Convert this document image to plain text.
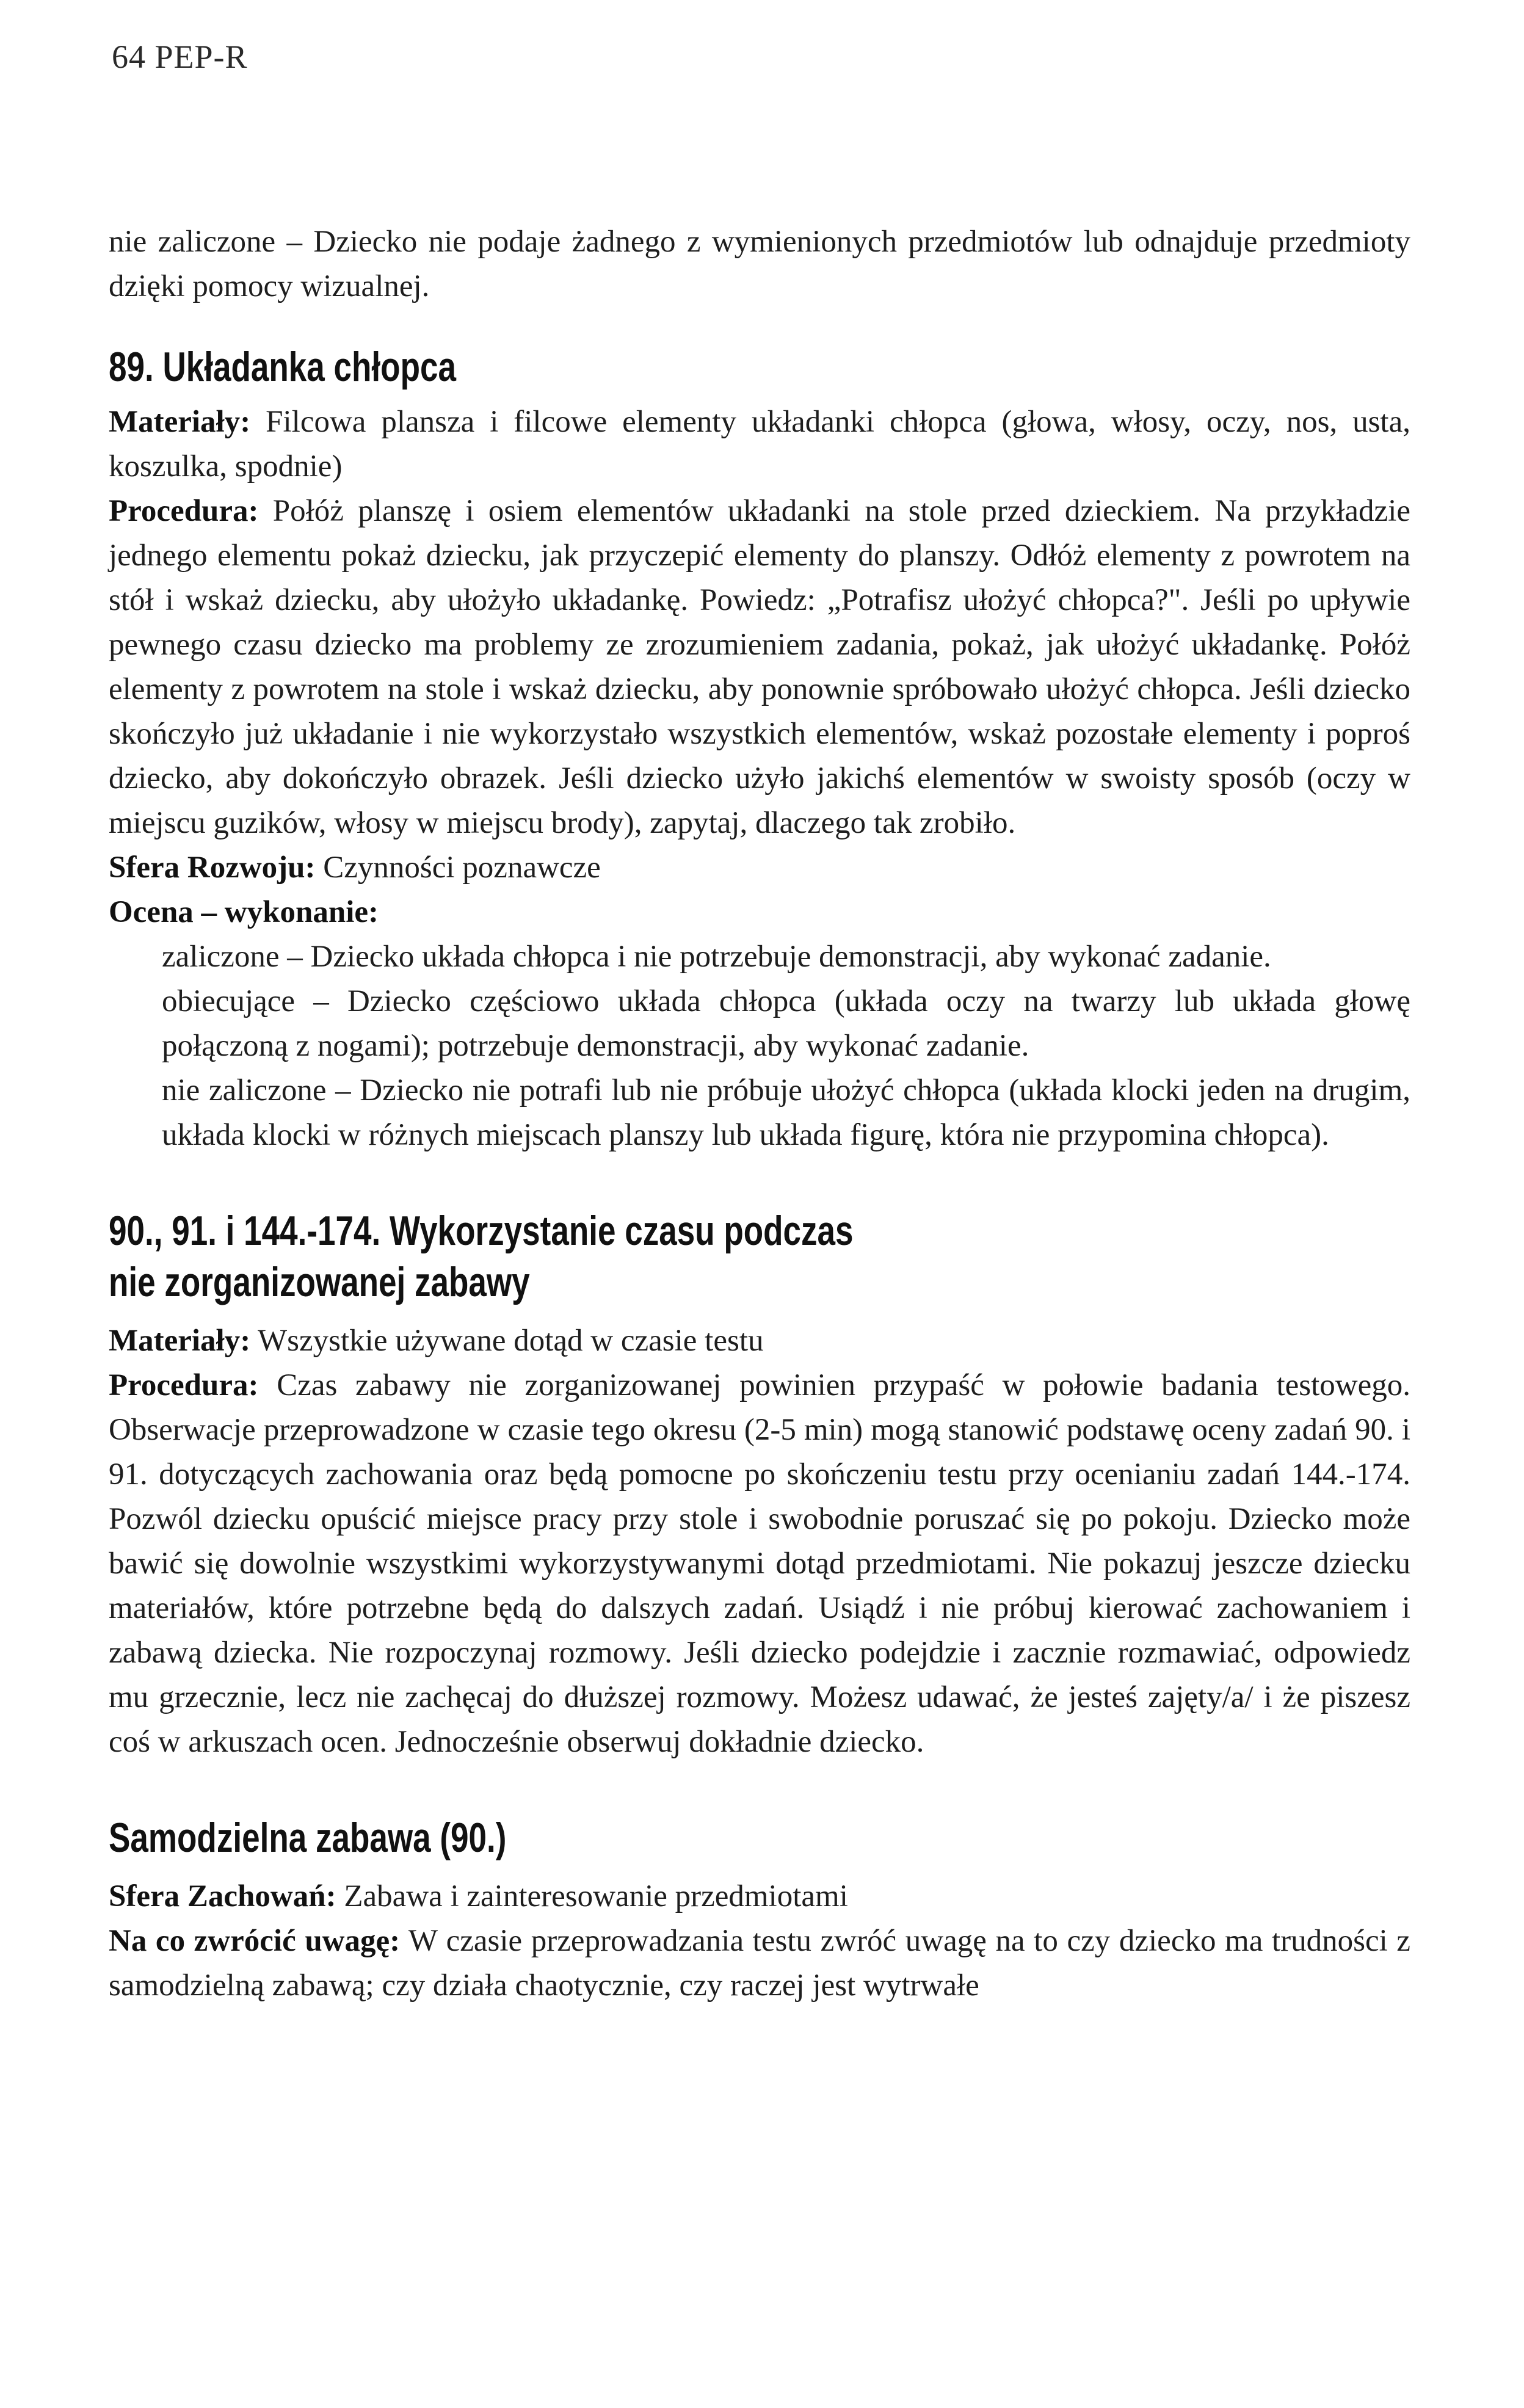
64 PEP-R

nie zaliczone – Dziecko nie podaje żadnego z wymienionych przedmiotów lub odnajduje przedmioty dzięki pomocy wizualnej.

89. Układanka chłopca

Materiały: Filcowa plansza i filcowe elementy układanki chłopca (głowa, włosy, oczy, nos, usta, koszulka, spodnie)

Procedura: Połóż planszę i osiem elementów układanki na stole przed dzieckiem. Na przykładzie jednego elementu pokaż dziecku, jak przyczepić elementy do planszy. Odłóż elementy z powrotem na stół i wskaż dziecku, aby ułożyło układankę. Powiedz: „Potrafisz ułożyć chłopca?". Jeśli po upływie pewnego czasu dziecko ma problemy ze zrozumieniem zadania, pokaż, jak ułożyć układankę. Połóż elementy z powrotem na stole i wskaż dziecku, aby ponownie spróbowało ułożyć chłopca. Jeśli dziecko skończyło już układanie i nie wykorzystało wszystkich elementów, wskaż pozostałe elementy i poproś dziecko, aby dokończyło obrazek. Jeśli dziecko użyło jakichś elementów w swoisty sposób (oczy w miejscu guzików, włosy w miejscu brody), zapytaj, dlaczego tak zrobiło.

Sfera Rozwoju: Czynności poznawcze

Ocena – wykonanie:

zaliczone – Dziecko układa chłopca i nie potrzebuje demonstracji, aby wykonać zadanie.

obiecujące – Dziecko częściowo układa chłopca (układa oczy na twarzy lub układa głowę połączoną z nogami); potrzebuje demonstracji, aby wykonać zadanie.

nie zaliczone – Dziecko nie potrafi lub nie próbuje ułożyć chłopca (układa klocki jeden na drugim, układa klocki w różnych miejscach planszy lub układa figurę, która nie przypomina chłopca).

90., 91. i 144.-174. Wykorzystanie czasu podczas
nie zorganizowanej zabawy

Materiały: Wszystkie używane dotąd w czasie testu

Procedura: Czas zabawy nie zorganizowanej powinien przypaść w połowie badania testowego. Obserwacje przeprowadzone w czasie tego okresu (2-5 min) mogą stanowić podstawę oceny zadań 90. i 91. dotyczących zachowania oraz będą pomocne po skończeniu testu przy ocenianiu zadań 144.-174. Pozwól dziecku opuścić miejsce pracy przy stole i swobodnie poruszać się po pokoju. Dziecko może bawić się dowolnie wszystkimi wykorzystywanymi dotąd przedmiotami. Nie pokazuj jeszcze dziecku materiałów, które potrzebne będą do dalszych zadań. Usiądź i nie próbuj kierować zachowaniem i zabawą dziecka. Nie rozpoczynaj rozmowy. Jeśli dziecko podejdzie i zacznie rozmawiać, odpowiedz mu grzecznie, lecz nie zachęcaj do dłuższej rozmowy. Możesz udawać, że jesteś zajęty/a/ i że piszesz coś w arkuszach ocen. Jednocześnie obserwuj dokładnie dziecko.

Samodzielna zabawa (90.)

Sfera Zachowań: Zabawa i zainteresowanie przedmiotami

Na co zwrócić uwagę: W czasie przeprowadzania testu zwróć uwagę na to czy dziecko ma trudności z samodzielną zabawą; czy działa chaotycznie, czy raczej jest wytrwałe
